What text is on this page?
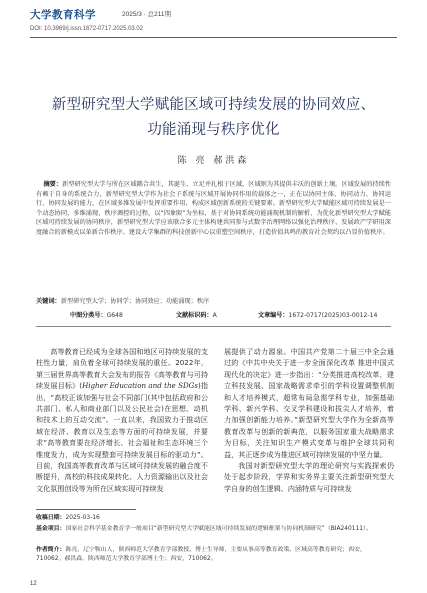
大学教育科学	2025/3 · 总211期
DOI: 10.3969/j.issn.1672-0717.2025.03.02
新型研究型大学赋能区域可持续发展的协同效应、
功能涌现与秩序优化
陈 亮 郝洪森
摘要：新型研究型大学与所在区域耦合共生，其诞生、立足并扎根于区域，区域则为其提供丰沃的创新土壤。区域发展的持续性有赖于自身的系统合力，新型研究型大学作为社会子系统与区域开展协同作用的载体之一，正在以协同主体、协同动力、协同运行、协同发展的能力，在区域多维发展中发挥重要作用，构成区域创新系统的关键要素。新型研究型大学赋能区域可持续发展是一个动态协同、多维涌现、秩序调控的过程，以“四象限”为坐标，基于对协同系统功能涌现机制的解析，为优化新型研究型大学赋能区域可持续发展的协同秩序，新型研究型大学应该联合多元主体构建共同参与式数字治理网络以强化治理秩序、发展政产学研用深度融合的新模式以革新合作秩序、建设大学集群的科技创新中心以重塑空间秩序，打造价值共鸣的教育社会契约以凸显价值秩序。
关键词：新型研究型大学；协同学；协同效应；功能涌现；秩序
中图分类号：G648	文献标识码：A	文章编号：1672-0717(2025)03-0012-14
高等教育已经成为全球各国和地区可持续发展的支柱性力量，肩负着全球可持续发展的重任。2022年，第三届世界高等教育大会发布的报告《高等教育与可持续发展目标》(Higher Education and the SDGs)指出，“高校正该加强与社会不同部门(其中包括政府和公共部门、私人和商业部门以及公民社会)在思想、动机和技术上的互动交流”。一直以来，我国致力于推动区域在经济、教育以及生态等方面的可持续发展，并要求“高等教育要在经济增长、社会福祉和生态环境三个维度发力，成为实现整套可持续发展目标的驱动力”。目前，我国高等教育改革与区域可持续发展的融合度不断提升，高校的科技成果转化、人力资源输出以及社会文化氛围创设等为所在区域实现可持续发
展提供了动力源泉。中国共产党第二十届三中全会通过的《中共中央关于进一步全面深化改革 推进中国式现代化的决定》进一步指出：“分类推进高校改革，建立科技发展、国家战略需求牵引的学科设置调整机制和人才培养模式，超常布局急需学科专业，加强基础学科、新兴学科、交叉学科建设和拔尖人才培养，着力加强创新能力培养。”新型研究型大学作为全新高等教育改革与创新的新典范，以服务国家重大战略需求为目标，关注知识生产模式变革与维护全球共同利益，其正逐步成为推进区域可持续发展的中坚力量。
我国对新型研究型大学的理论研究与实践探索仍处于起步阶段，学界和实务界主要关注新型研究型大学自身的创生逻辑、内涵特质与可持续发
收稿日期：2025-03-16
基金项目：国家社会科学基金教育学一般项目“新型研究型大学赋能区域可持续发展的逻辑框架与协同机制研究”（BIA240111）。
作者简介：陈亮，辽宁鞍山人，陕西师范大学教育学部教授、博士生导师，主要从事高等教育政策、区域高等教育研究；西安，710062。郝洪森，陕西师范大学教育学部博士生；西安，710062。
12
